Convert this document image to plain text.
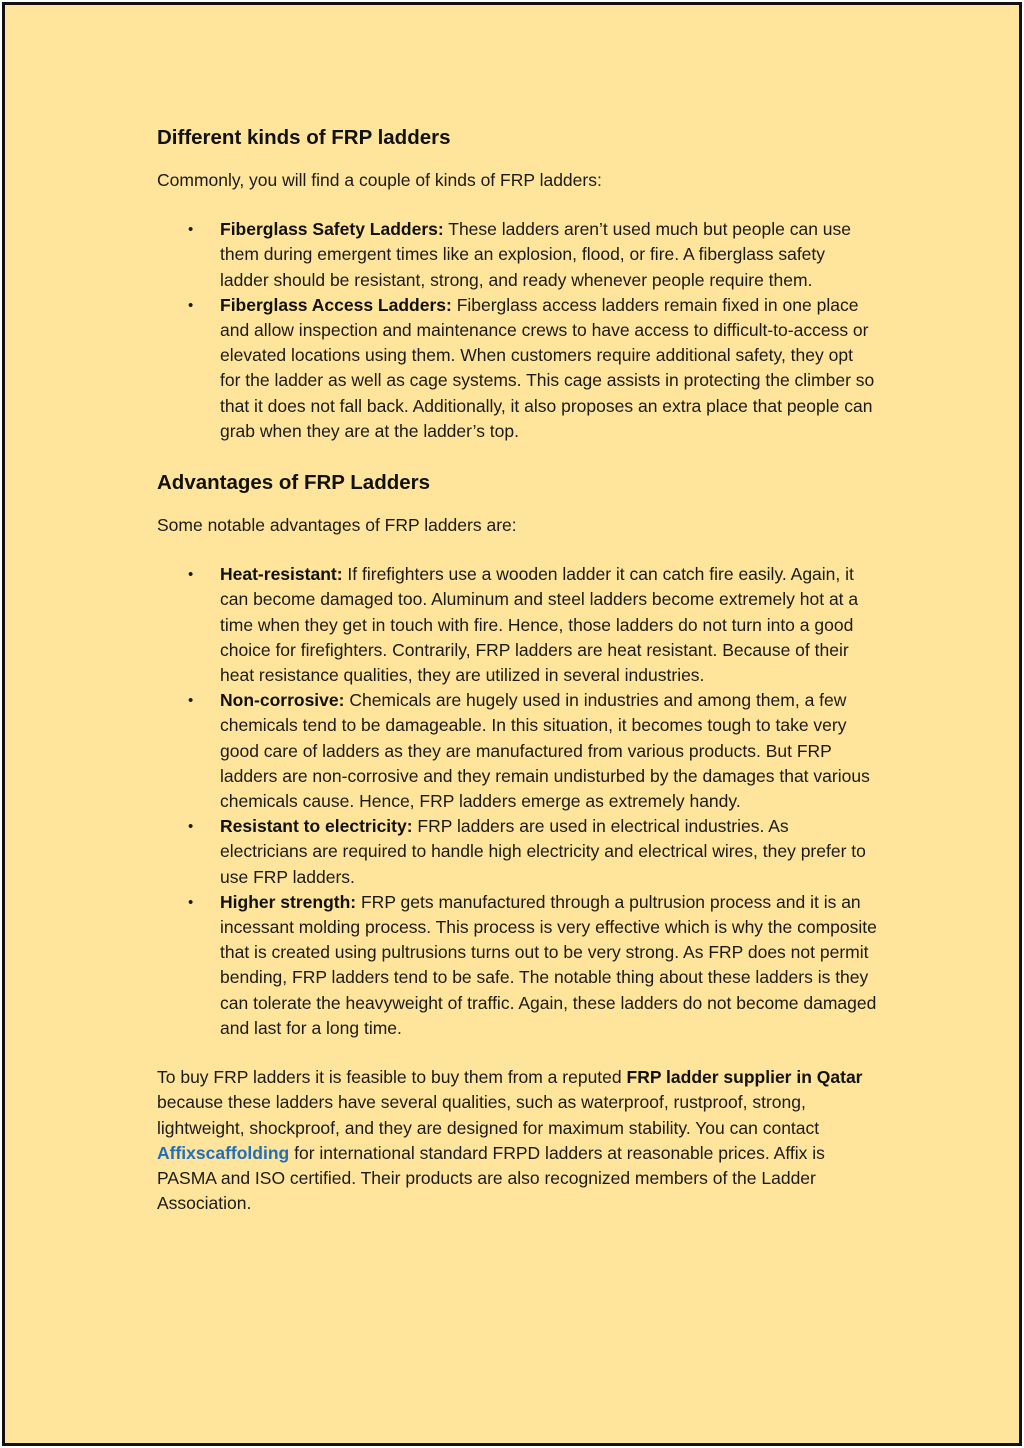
Different kinds of FRP ladders

Commonly, you will find a couple of kinds of FRP ladders:

• Fiberglass Safety Ladders: These ladders aren’t used much but people can use them during emergent times like an explosion, flood, or fire. A fiberglass safety ladder should be resistant, strong, and ready whenever people require them.
• Fiberglass Access Ladders: Fiberglass access ladders remain fixed in one place and allow inspection and maintenance crews to have access to difficult-to-access or elevated locations using them. When customers require additional safety, they opt for the ladder as well as cage systems. This cage assists in protecting the climber so that it does not fall back. Additionally, it also proposes an extra place that people can grab when they are at the ladder’s top.
Advantages of FRP Ladders

Some notable advantages of FRP ladders are:

• Heat-resistant: If firefighters use a wooden ladder it can catch fire easily. Again, it can become damaged too. Aluminum and steel ladders become extremely hot at a time when they get in touch with fire. Hence, those ladders do not turn into a good choice for firefighters. Contrarily, FRP ladders are heat resistant. Because of their heat resistance qualities, they are utilized in several industries.
• Non-corrosive: Chemicals are hugely used in industries and among them, a few chemicals tend to be damageable. In this situation, it becomes tough to take very good care of ladders as they are manufactured from various products. But FRP ladders are non-corrosive and they remain undisturbed by the damages that various chemicals cause. Hence, FRP ladders emerge as extremely handy.
• Resistant to electricity: FRP ladders are used in electrical industries. As electricians are required to handle high electricity and electrical wires, they prefer to use FRP ladders.
• Higher strength: FRP gets manufactured through a pultrusion process and it is an incessant molding process. This process is very effective which is why the composite that is created using pultrusions turns out to be very strong. As FRP does not permit bending, FRP ladders tend to be safe. The notable thing about these ladders is they can tolerate the heavyweight of traffic. Again, these ladders do not become damaged and last for a long time.

To buy FRP ladders it is feasible to buy them from a reputed FRP ladder supplier in Qatar because these ladders have several qualities, such as waterproof, rustproof, strong, lightweight, shockproof, and they are designed for maximum stability. You can contact Affixscaffolding for international standard FRPD ladders at reasonable prices. Affix is PASMA and ISO certified. Their products are also recognized members of the Ladder Association.
